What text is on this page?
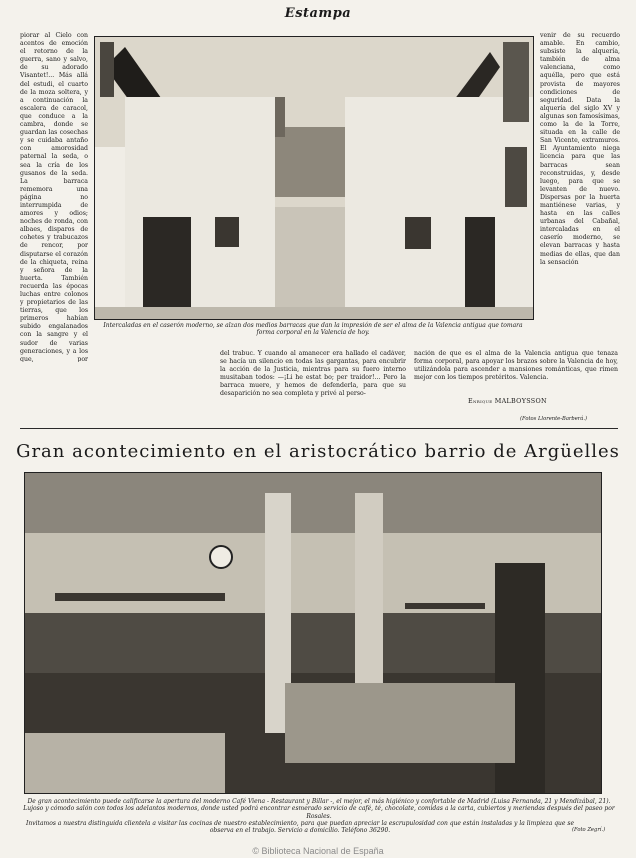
Estampa

piorar al Cielo con acentos de emoción el retorno de la guerra, sano y salvo, de su adorado Visantet!... Más allá del estudi, el cuarto de la moza soltera, y a continuación la escalera de caracol, que conduce a la cambra, donde se guardan las cosechas y se cuidaba antaño con amorosidad paternal la seda, o sea la cría de los gusanos de la seda. La barraca rememora una página no interrumpida de amores y odios; noches de ronda, con albaes, disparos de cohetes y trabucazos de rencor, por disputarse el corazón de la chiqueta, reina y señora de la huerta. También recuerda las épocas luchas entre colonos y propietarios de las tierras, que los primeros habían subido engalanados con la sangre y el sudor de varias generaciones, y a los que, por

Intercaladas en el caserón moderno, se alzan dos medios barracas que dan la impresión de ser el alma de la Valencia antigua que tomara forma corporal en la Valencia de hoy.

venir de su recuerdo amable. En cambio, subsiste la alquería, también de alma valenciana, como aquélla, pero que está provista de mayores condiciones de seguridad. Data la alquería del siglo XV y algunas son famosísimas, como la de la Torre, situada en la calle de San Vicente, extramuros. El Ayuntamiento niega licencia para que las barracas sean reconstruidas, y, desde luego, para que se levanten de nuevo. Dispersas por la huerta mantiénese varias, y hasta en las calles urbanas del Cabañal, intercaladas en el caserío moderno, se elevan barracas y hasta medias de ellas, que dan la sensación

del trabuc. Y cuando al amanecer era hallado el cadáver, se hacía un silencio en todas las gargantas, para encubrir la acción de la Justicia, mientras para su fuero interno musitaban todos: —¡Li he estat bo; per traidor!... Pero la barraca muere, y hemos de defenderla, para que su desaparición no sea completa y privé al perso-

nación de que es el alma de la Valencia antigua que tenaza forma corporal, para apoyar los brazos sobre la Valencia de hoy, utilizándola para ascender a mansiones románticas, que rimen mejor con los tiempos pretéritos. Valencia.

Enrique MALBOYSSON
(Fotos Llorente-Barberá.)
Gran acontecimiento en el aristocrático barrio de Argüelles
De gran acontecimiento puede calificarse la apertura del moderno Café Viena - Restaurant y Billar -, el mejor, el más higiénico y confortable de Madrid (Luisa Fernanda, 21 y Mendizábal, 21). Lujoso y cómodo salón con todos los adelantos modernos, donde usted podrá encontrar esmerado servicio de café, té, chocolate, comidas a la carta, cubiertos y meriendas después del paseo por Rosales.
Invitamos a nuestra distinguida clientela a visitar las cocinas de nuestro establecimiento, para que puedan apreciar la escrupulosidad con que están instaladas y la limpieza que se observa en el trabajo. Servicio a domicilio. Teléfono 36290.	(Foto Zegrí.)
© Biblioteca Nacional de España
